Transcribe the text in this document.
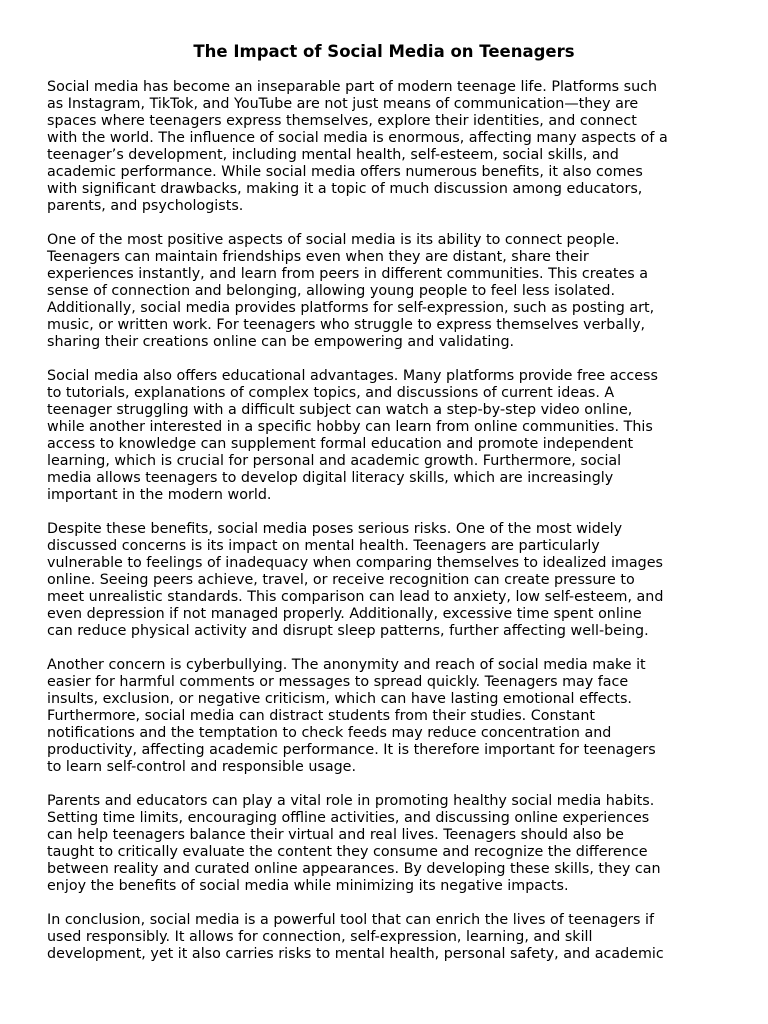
The Impact of Social Media on Teenagers

Social media has become an inseparable part of modern teenage life. Platforms such
as Instagram, TikTok, and YouTube are not just means of communication—they are
spaces where teenagers express themselves, explore their identities, and connect
with the world. The influence of social media is enormous, affecting many aspects of a
teenager’s development, including mental health, self-esteem, social skills, and
academic performance. While social media offers numerous benefits, it also comes
with significant drawbacks, making it a topic of much discussion among educators,
parents, and psychologists.

One of the most positive aspects of social media is its ability to connect people.
Teenagers can maintain friendships even when they are distant, share their
experiences instantly, and learn from peers in different communities. This creates a
sense of connection and belonging, allowing young people to feel less isolated.
Additionally, social media provides platforms for self-expression, such as posting art,
music, or written work. For teenagers who struggle to express themselves verbally,
sharing their creations online can be empowering and validating.

Social media also offers educational advantages. Many platforms provide free access
to tutorials, explanations of complex topics, and discussions of current ideas. A
teenager struggling with a difficult subject can watch a step-by-step video online,
while another interested in a specific hobby can learn from online communities. This
access to knowledge can supplement formal education and promote independent
learning, which is crucial for personal and academic growth. Furthermore, social
media allows teenagers to develop digital literacy skills, which are increasingly
important in the modern world.

Despite these benefits, social media poses serious risks. One of the most widely
discussed concerns is its impact on mental health. Teenagers are particularly
vulnerable to feelings of inadequacy when comparing themselves to idealized images
online. Seeing peers achieve, travel, or receive recognition can create pressure to
meet unrealistic standards. This comparison can lead to anxiety, low self-esteem, and
even depression if not managed properly. Additionally, excessive time spent online
can reduce physical activity and disrupt sleep patterns, further affecting well-being.

Another concern is cyberbullying. The anonymity and reach of social media make it
easier for harmful comments or messages to spread quickly. Teenagers may face
insults, exclusion, or negative criticism, which can have lasting emotional effects.
Furthermore, social media can distract students from their studies. Constant
notifications and the temptation to check feeds may reduce concentration and
productivity, affecting academic performance. It is therefore important for teenagers
to learn self-control and responsible usage.

Parents and educators can play a vital role in promoting healthy social media habits.
Setting time limits, encouraging offline activities, and discussing online experiences
can help teenagers balance their virtual and real lives. Teenagers should also be
taught to critically evaluate the content they consume and recognize the difference
between reality and curated online appearances. By developing these skills, they can
enjoy the benefits of social media while minimizing its negative impacts.

In conclusion, social media is a powerful tool that can enrich the lives of teenagers if
used responsibly. It allows for connection, self-expression, learning, and skill
development, yet it also carries risks to mental health, personal safety, and academic
